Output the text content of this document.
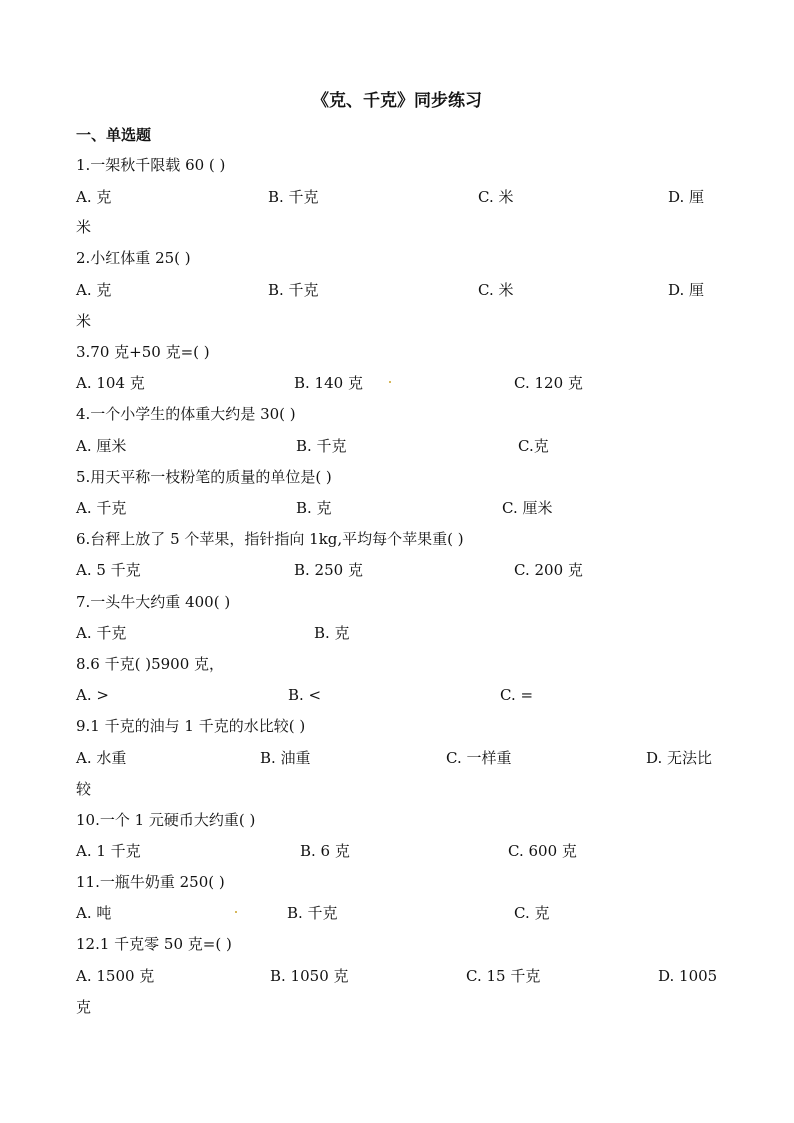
《克、千克》同步练习
一、单选题
1.一架秋千限载 60 ( )
A. 克	B. 千克	C. 米	D. 厘
米
2.小红体重 25( )
A. 克	B. 千克	C. 米	D. 厘
米
3.70 克+50 克=( )
A. 104 克	B. 140 克	C. 120 克
4.一个小学生的体重大约是 30( )
A. 厘米	B. 千克	C.克
5.用天平称一枝粉笔的质量的单位是( )
A. 千克	B. 克	C. 厘米
6.台秤上放了 5 个苹果，指针指向 1kg,平均每个苹果重( )
A. 5 千克	B. 250 克	C. 200 克
7.一头牛大约重 400( )
A. 千克	B. 克
8.6 千克( )5900 克，
A. >	B. <	C. =
9.1 千克的油与 1 千克的水比较( )
A. 水重	B. 油重	C. 一样重	D. 无法比
较
10.一个 1 元硬币大约重( )
A. 1 千克	B. 6 克	C. 600 克
11.一瓶牛奶重 250( )
A. 吨	B. 千克	C. 克
12.1 千克零 50 克=( )
A. 1500 克	B. 1050 克	C. 15 千克	D. 1005
克
